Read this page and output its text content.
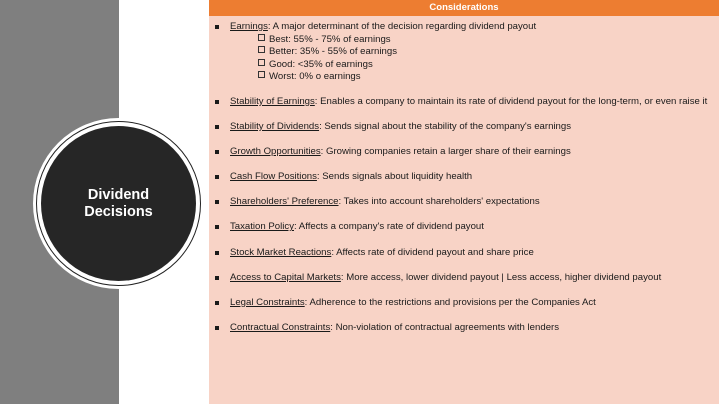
Dividend Decisions
Considerations
Earnings: A major determinant of the decision regarding dividend payout
Best: 55% - 75% of earnings
Better: 35% - 55% of earnings
Good: <35% of earnings
Worst: 0% o earnings
Stability of Earnings: Enables a company to maintain its rate of dividend payout for the long-term, or even raise it
Stability of Dividends: Sends signal about the stability of the company's earnings
Growth Opportunities: Growing companies retain a larger share of their earnings
Cash Flow Positions: Sends signals about liquidity health
Shareholders' Preference: Takes into account shareholders' expectations
Taxation Policy: Affects a company's rate of dividend payout
Stock Market Reactions: Affects rate of dividend payout and share price
Access to Capital Markets: More access, lower dividend payout | Less access, higher dividend payout
Legal Constraints: Adherence to the restrictions and provisions per the Companies Act
Contractual Constraints: Non-violation of contractual agreements with lenders
